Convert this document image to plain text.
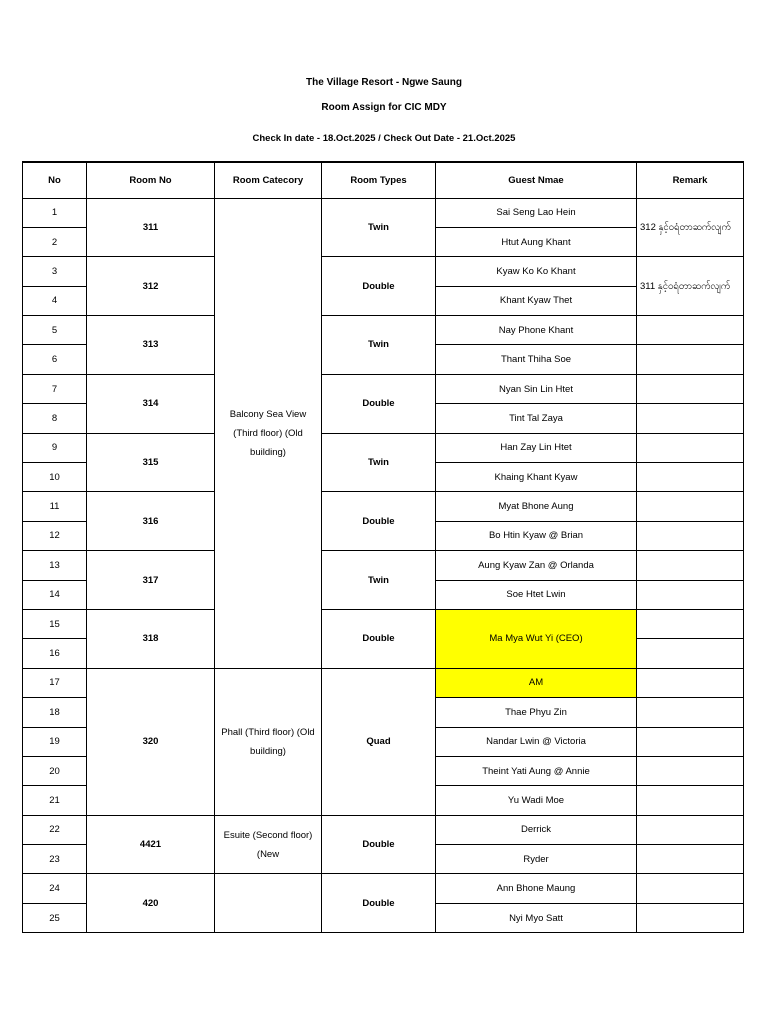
The Village Resort - Ngwe Saung
Room Assign for CIC MDY
Check In date - 18.Oct.2025 / Check Out Date - 21.Oct.2025
No	Room No	Room Catecory	Room Types	Guest Nmae	Remark
1	311	Balcony Sea View (Third floor) (Old building)	Twin	Sai Seng Lao Hein	312 နှင့်ဝရံတာဆက်လျက်
2				Htut Aung Khant	
3	312		Double	Kyaw Ko Ko Khant	311 နှင့်ဝရံတာဆက်လျက်
4				Khant Kyaw Thet	
5	313		Twin	Nay Phone Khant	
6				Thant Thiha Soe	
7	314		Double	Nyan Sin Lin Htet	
8				Tint Tal Zaya	
9	315		Twin	Han Zay Lin Htet	
10				Khaing Khant Kyaw	
11	316		Double	Myat Bhone Aung	
12				Bo Htin Kyaw @ Brian	
13	317		Twin	Aung Kyaw Zan @ Orlanda	
14				Soe Htet Lwin	
15	318		Double	Ma Mya Wut Yi (CEO)	
16					
17	320	Phall (Third floor) (Old building)	Quad	AM	
18				Thae Phyu Zin	
19				Nandar Lwin @ Victoria	
20				Theint Yati Aung @ Annie	
21				Yu Wadi Moe	
22	4421	Esuite (Second floor) (New	Double	Derrick	
23				Ryder	
24	420		Double	Ann Bhone Maung	
25				Nyi Myo Satt	
